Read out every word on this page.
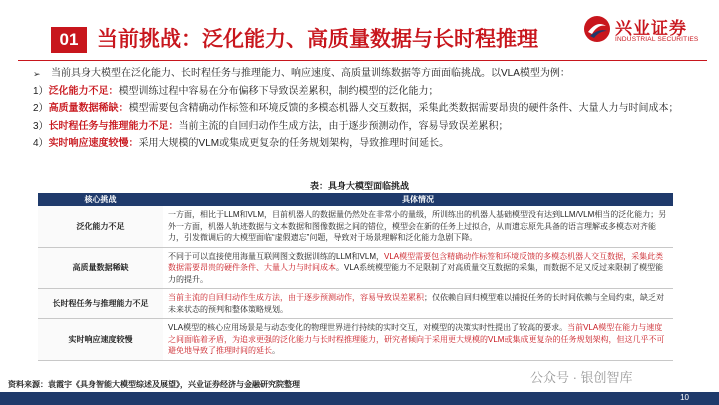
01 当前挑战：泛化能力、高质量数据与长时程推理	兴业证券
INDUSTRIAL SECURITIES

➢	当前具身大模型在泛化能力、长时程任务与推理能力、响应速度、高质量训练数据等方面面临挑战。以VLA模型为例：

1）泛化能力不足：模型训练过程中容易在分布偏移下导致误差累积，制约模型的泛化能力；

2）高质量数据稀缺：模型需要包含精确动作标签和环境反馈的多模态机器人交互数据，采集此类数据需要昂贵的硬件条件、大量人力与时间成本；

3）长时程任务与推理能力不足：当前主流的自回归动作生成方法，由于逐步预测动作，容易导致误差累积；

4）实时响应速度较慢：采用大规模的VLM或集成更复杂的任务规划架构，导致推理时间延长。

表：具身大模型面临挑战
核心挑战	具体情况
泛化能力不足	一方面，相比于LLM和VLM，目前机器人的数据量仍然处在非常小的量级，所训练出的机器人基础模型没有达到LLM/VLM相当的泛化能力；另外一方面，机器人轨迹数据与文本数据和图像数据之间的错位，模型会在新的任务上过拟合，从而遗忘原先具备的语言理解或多模态对齐能力，引发微调后的大模型面临“虚假遗忘”问题，导致对于场景理解和泛化能力急剧下降。
高质量数据稀缺	不同于可以直接使用海量互联网图文数据训练的LLM和VLM，VLA模型需要包含精确动作标签和环境反馈的多模态机器人交互数据，采集此类数据需要昂贵的硬件条件、大量人力与时间成本。VLA系统模型能力不足限制了对高质量交互数据的采集，而数据不足又反过来限制了模型能力的提升。
长时程任务与推理能力不足	当前主流的自回归动作生成方法，由于逐步预测动作，容易导致误差累积；仅依赖自回归模型难以捕捉任务的长时间依赖与全局约束，缺乏对未来状态的预判和整体策略规划。
实时响应速度较慢	VLA模型的核心应用场景是与动态变化的物理世界进行持续的实时交互，对模型的决策实时性提出了较高的要求。当前VLA模型在能力与速度之间面临着矛盾，为追求更强的泛化能力与长时程推理能力，研究者倾向于采用更大规模的VLM或集成更复杂的任务规划架构，但这几乎不可避免地导致了推理时间的延长。
资料来源：袁霞宇《具身智能大模型综述及展望》，兴业证券经济与金融研究院整理	公众号 · 银创智库
10
